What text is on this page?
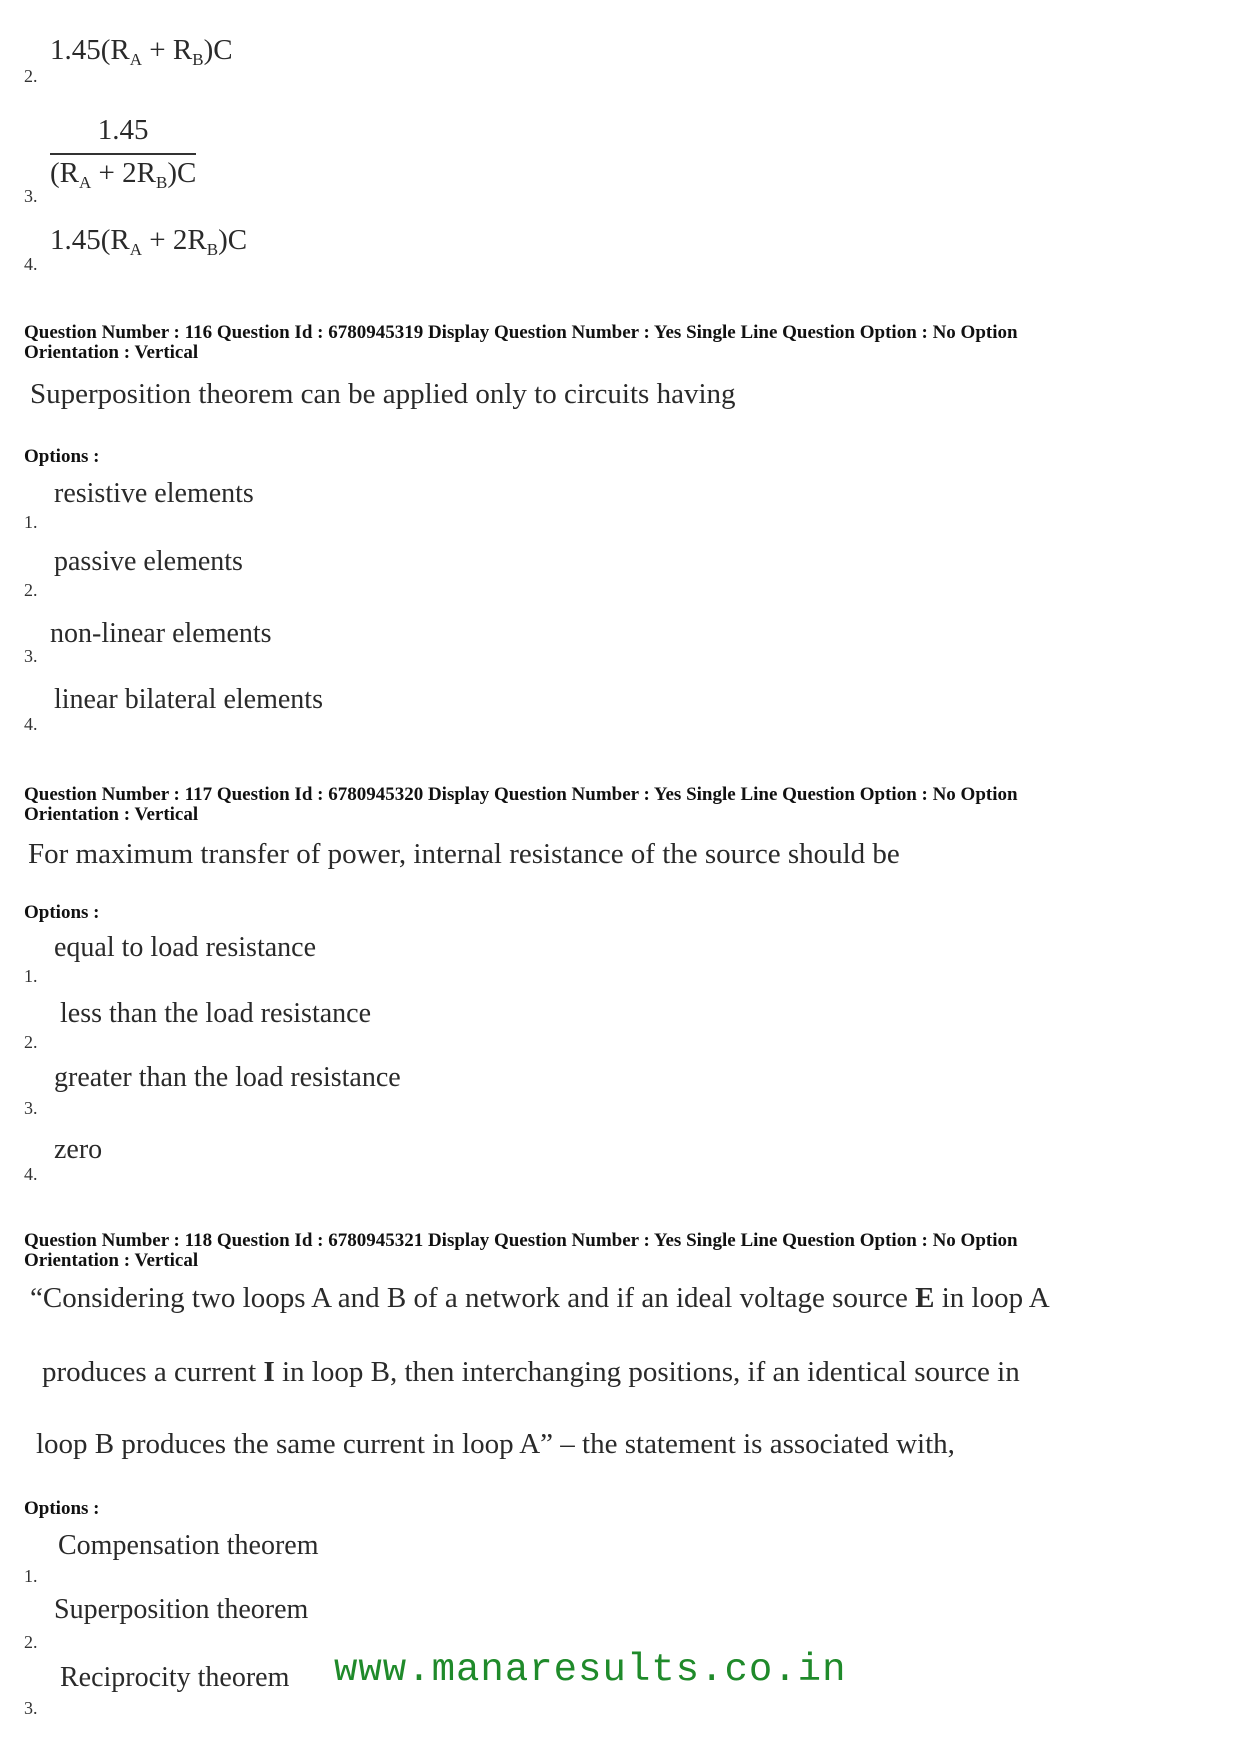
2.
$1.45(R_A + R_B)C$
3.
$\frac{1.45}{(R_A + 2R_B)C}$
4.
$1.45(R_A + 2R_B)C$
Question Number : 116 Question Id : 6780945319 Display Question Number : Yes Single Line Question Option : No Option
Orientation : Vertical
Superposition theorem can be applied only to circuits having
Options :
1.
resistive elements
2.
passive elements
3.
non-linear elements
4.
linear bilateral elements
Question Number : 117 Question Id : 6780945320 Display Question Number : Yes Single Line Question Option : No Option
Orientation : Vertical
For maximum transfer of power, internal resistance of the source should be
Options :
1.
equal to load resistance
2.
less than the load resistance
3.
greater than the load resistance
4.
zero
Question Number : 118 Question Id : 6780945321 Display Question Number : Yes Single Line Question Option : No Option
Orientation : Vertical
“Considering two loops A and B of a network and if an ideal voltage source E in loop A
produces a current I in loop B, then interchanging positions, if an identical source in
loop B produces the same current in loop A” – the statement is associated with,
Options :
1.
Compensation theorem
2.
Superposition theorem
3.
Reciprocity theorem www.manaresults.co.in
